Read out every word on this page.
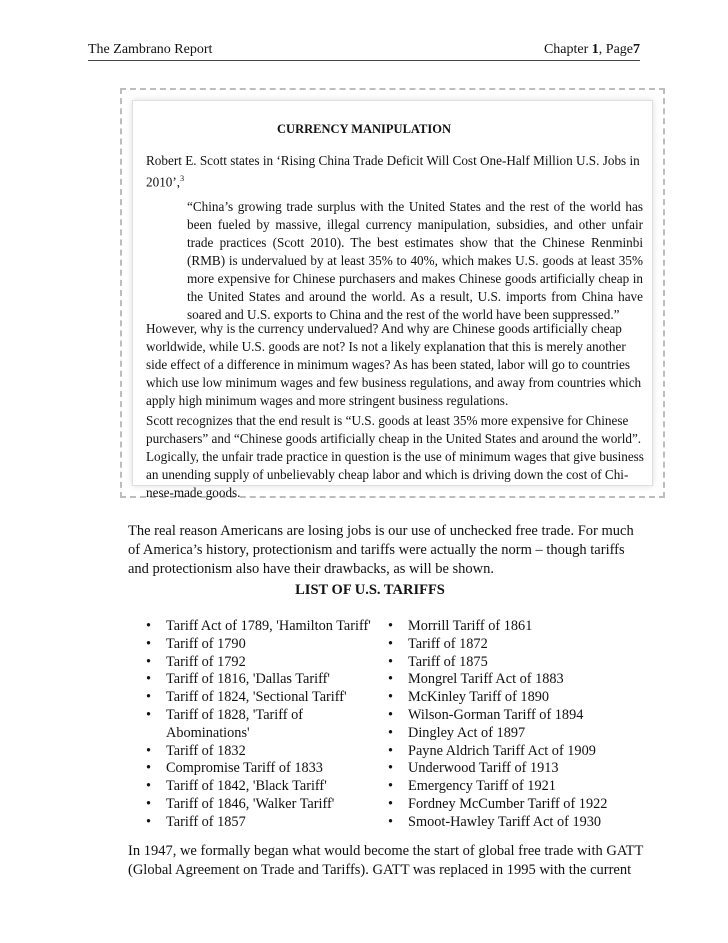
The Zambrano Report	Chapter 1, Page7
CURRENCY MANIPULATION
Robert E. Scott states in ‘Rising China Trade Deficit Will Cost One-Half Million U.S. Jobs in 2010’,$^3$
“China’s growing trade surplus with the United States and the rest of the world has been fueled by massive, illegal currency manipulation, subsidies, and other unfair trade practices (Scott 2010). The best estimates show that the Chinese Renminbi (RMB) is undervalued by at least 35% to 40%, which makes U.S. goods at least 35% more expensive for Chinese purchasers and makes Chinese goods artificially cheap in the United States and around the world. As a result, U.S. imports from China have soared and U.S. exports to China and the rest of the world have been suppressed.”
However, why is the currency undervalued? And why are Chinese goods artificially cheap worldwide, while U.S. goods are not? Is not a likely explanation that this is merely another side effect of a difference in minimum wages? As has been stated, labor will go to countries which use low minimum wages and few business regulations, and away from countries which apply high minimum wages and more stringent business regulations.
Scott recognizes that the end result is “U.S. goods at least 35% more expensive for Chinese purchasers” and “Chinese goods artificially cheap in the United States and around the world”. Logically, the unfair trade practice in question is the use of minimum wages that give business an unending supply of unbelievably cheap labor and which is driving down the cost of Chi-nese-made goods.
The real reason Americans are losing jobs is our use of unchecked free trade. For much of America’s history, protectionism and tariffs were actually the norm – though tariffs and protectionism also have their drawbacks, as will be shown.
LIST OF U.S. TARIFFS
• Tariff Act of 1789, 'Hamilton Tariff'
• Tariff of 1790
• Tariff of 1792
• Tariff of 1816, 'Dallas Tariff'
• Tariff of 1824, 'Sectional Tariff'
• Tariff of 1828, 'Tariff of Abominations'
• Tariff of 1832
• Compromise Tariff of 1833
• Tariff of 1842, 'Black Tariff'
• Tariff of 1846, 'Walker Tariff'
• Tariff of 1857
• Morrill Tariff of 1861
• Tariff of 1872
• Tariff of 1875
• Mongrel Tariff Act of 1883
• McKinley Tariff of 1890
• Wilson-Gorman Tariff of 1894
• Dingley Act of 1897
• Payne Aldrich Tariff Act of 1909
• Underwood Tariff of 1913
• Emergency Tariff of 1921
• Fordney McCumber Tariff of 1922
• Smoot-Hawley Tariff Act of 1930
In 1947, we formally began what would become the start of global free trade with GATT (Global Agreement on Trade and Tariffs). GATT was replaced in 1995 with the current
